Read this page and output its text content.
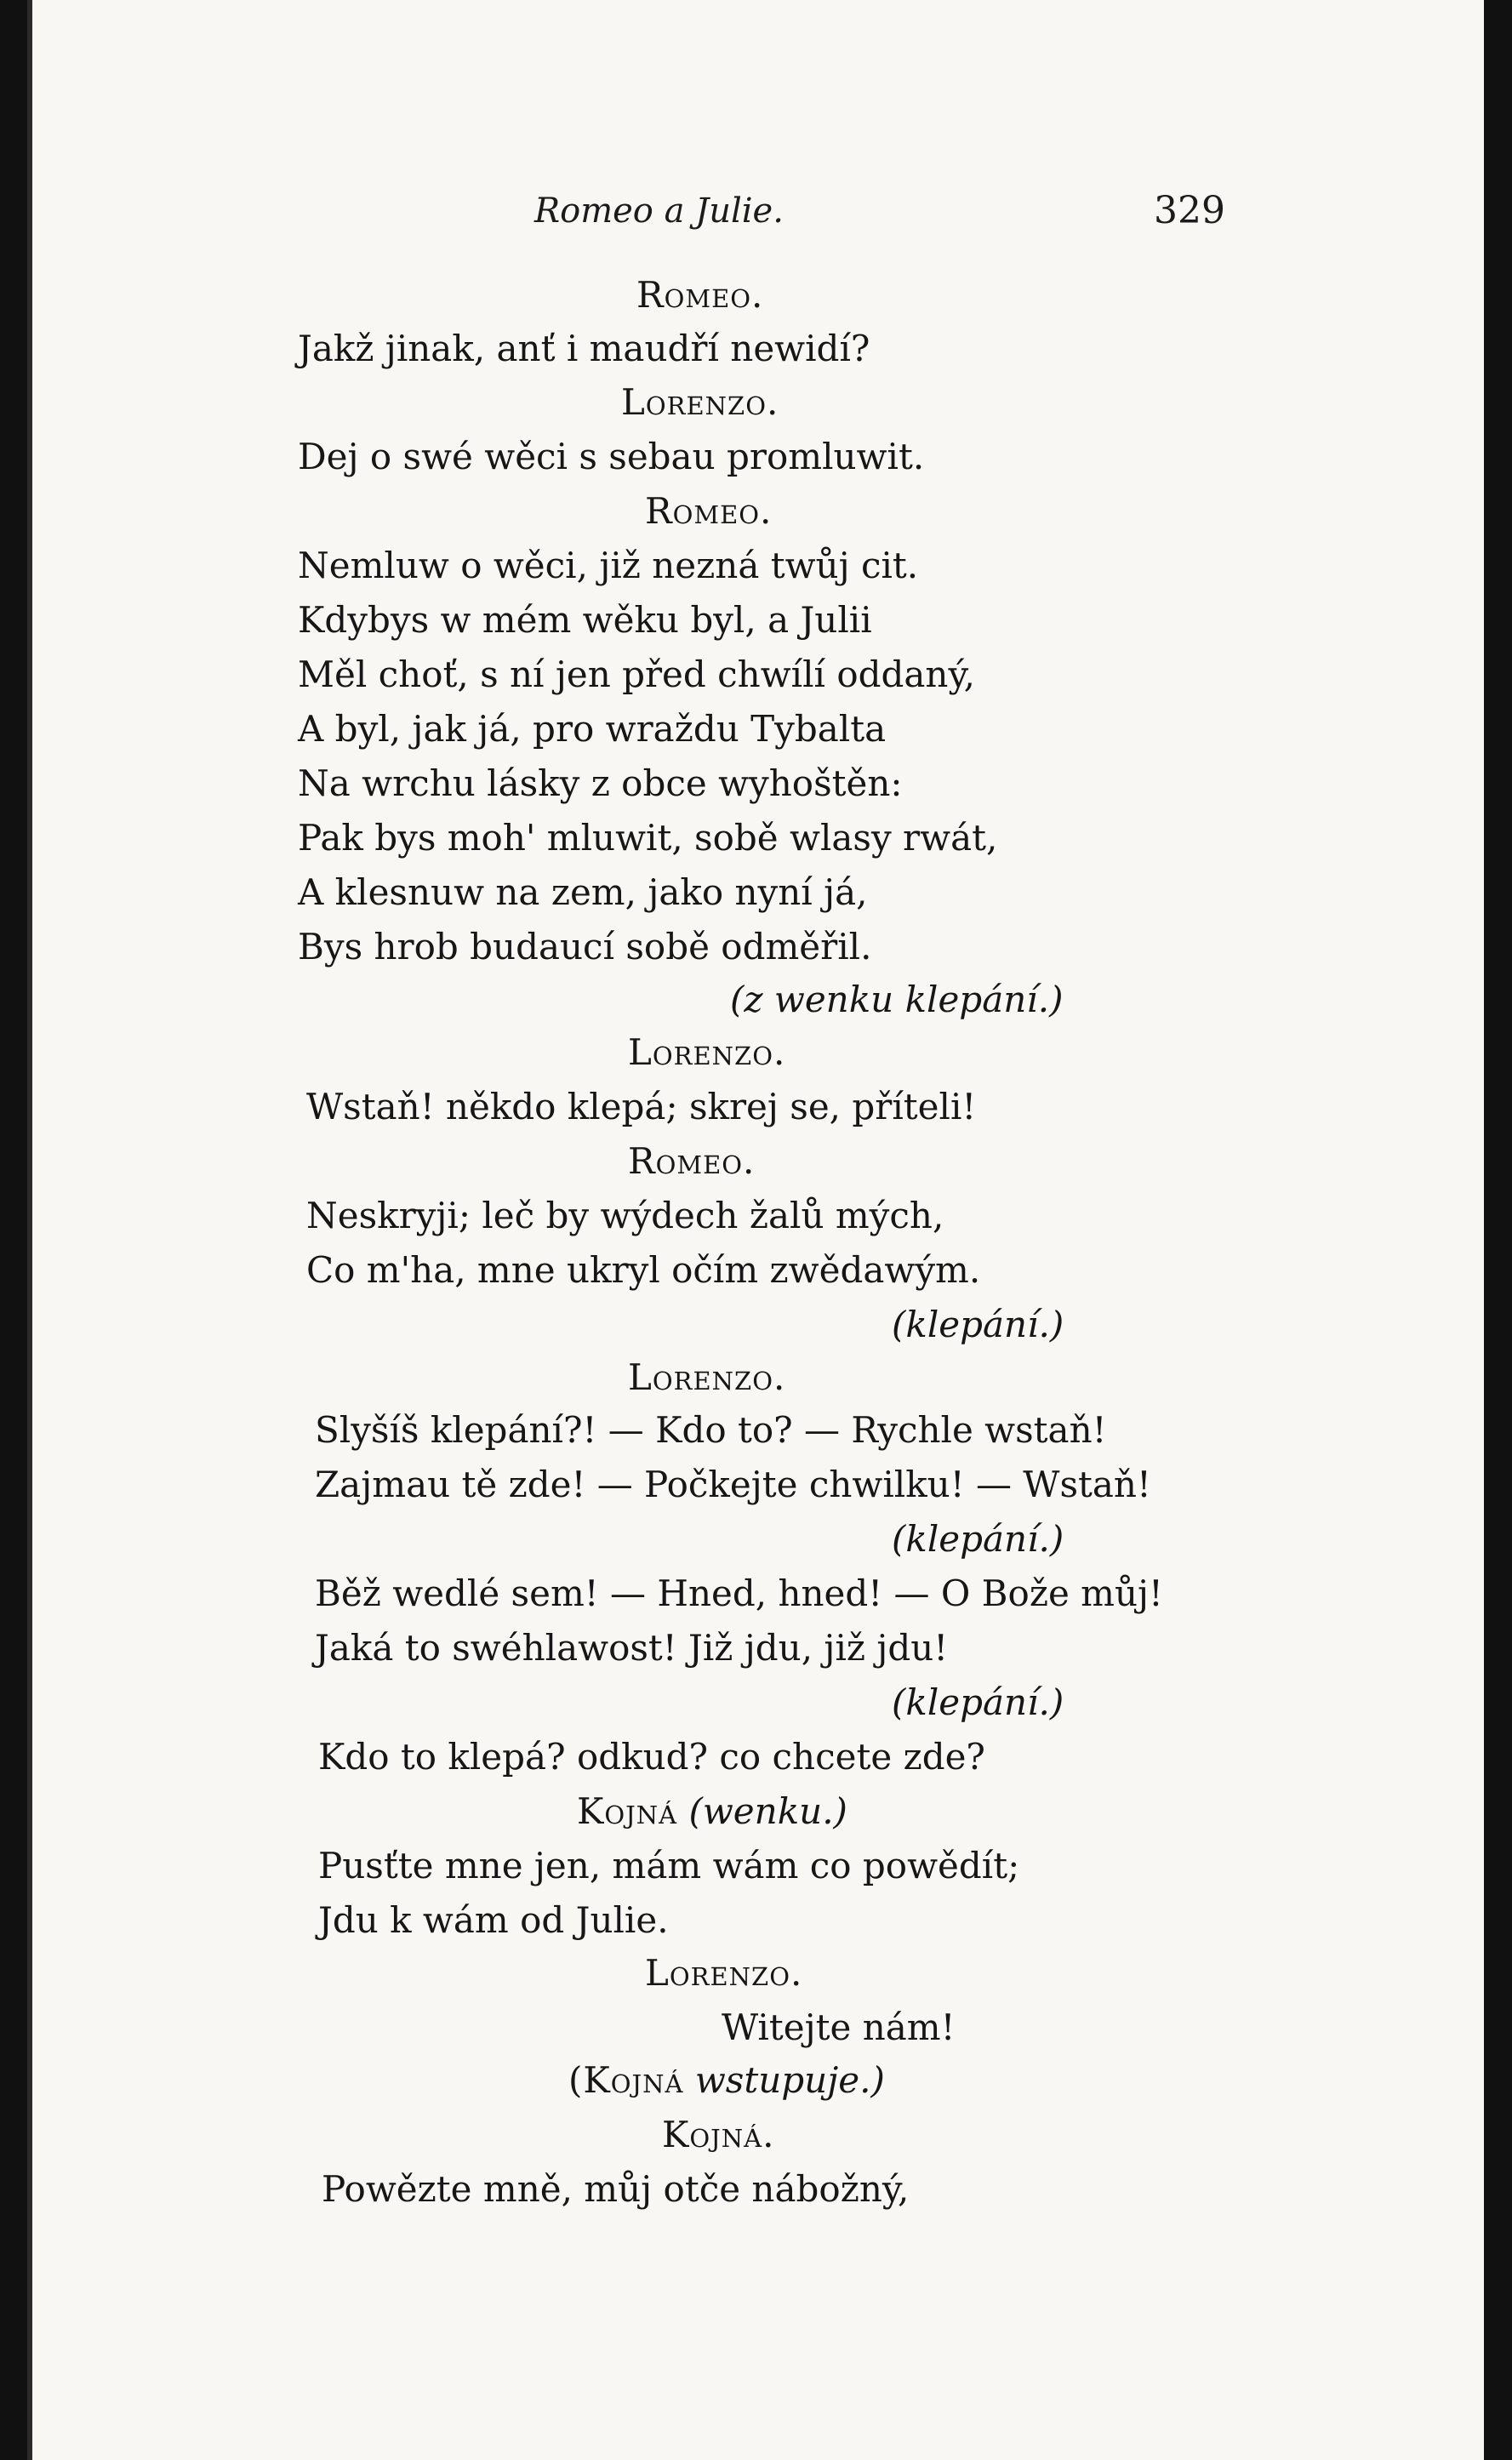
Romeo a Julie.	329
Romeo.
Jakž jinak, anť i maudří newidí?
Lorenzo.
Dej o swé wěci s sebau promluwit.
Romeo.
Nemluw o wěci, již nezná twůj cit.
Kdybys w mém wěku byl, a Julii
Měl choť, s ní jen před chwílí oddaný,
A byl, jak já, pro wraždu Tybalta
Na wrchu lásky z obce wyhoštěn:
Pak bys moh' mluwit, sobě wlasy rwát,
A klesnuw na zem, jako nyní já,
Bys hrob budaucí sobě odměřil.
(z wenku klepání.)
Lorenzo.
Wstaň! někdo klepá; skrej se, příteli!
Romeo.
Neskryji; leč by wýdech žalů mých,
Co m'ha, mne ukryl očím zwědawým.
(klepání.)
Lorenzo.
Slyšíš klepání?! — Kdo to? — Rychle wstaň!
Zajmau tě zde! — Počkejte chwilku! — Wstaň!
(klepání.)
Běž wedlé sem! — Hned, hned! — O Bože můj!
Jaká to swéhlawost! Již jdu, již jdu!
(klepání.)
Kdo to klepá? odkud? co chcete zde?
Kojná (wenku.)
Pusťte mne jen, mám wám co powědít;
Jdu k wám od Julie.
Lorenzo.
Witejte nám!
(Kojná wstupuje.)
Kojná.
Powězte mně, můj otče nábožný,
